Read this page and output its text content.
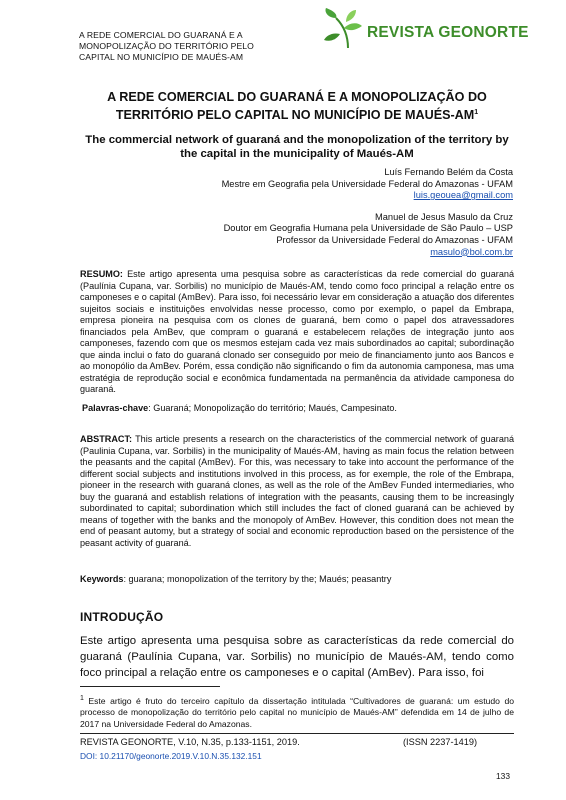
A REDE COMERCIAL DO GUARANÁ E A
MONOPOLIZAÇÃO DO TERRITÓRIO PELO
CAPITAL NO MUNICÍPIO DE MAUÉS-AM
REVISTA GEONORTE
A REDE COMERCIAL DO GUARANÁ E A MONOPOLIZAÇÃO DO TERRITÓRIO PELO CAPITAL NO MUNICÍPIO DE MAUÉS-$AM^1$
The commercial network of guaraná and the monopolization of the territory by the capital in the municipality of Maués-AM
Luís Fernando Belém da Costa
Mestre em Geografia pela Universidade Federal do Amazonas - UFAM
luis.geouea@gmail.com
Manuel de Jesus Masulo da Cruz
Doutor em Geografia Humana pela Universidade de São Paulo – USP
Professor da Universidade Federal do Amazonas - UFAM
masulo@bol.com.br
RESUMO: Este artigo apresenta uma pesquisa sobre as características da rede comercial do guaraná (Paulínia Cupana, var. Sorbilis) no município de Maués-AM, tendo como foco principal a relação entre os camponeses e o capital (AmBev). Para isso, foi necessário levar em consideração a atuação dos diferentes sujeitos sociais e instituições envolvidas nesse processo, como por exemplo, o papel da Embrapa, empresa pioneira na pesquisa com os clones de guaraná, bem como o papel dos atravessadores financiados pela AmBev, que compram o guaraná e estabelecem relações de integração junto aos camponeses, fazendo com que os mesmos estejam cada vez mais subordinados ao capital; subordinação que ainda inclui o fato do guaraná clonado ser conseguido por meio de financiamento junto aos Bancos e ao monopólio da AmBev. Porém, essa condição não significando o fim da autonomia camponesa, mas uma estratégia de reprodução social e econômica fundamentada na permanência da atividade camponesa do guaraná.
Palavras-chave: Guaraná; Monopolização do território; Maués, Campesinato.
ABSTRACT: This article presents a research on the characteristics of the commercial network of guaraná (Paulinia Cupana, var. Sorbilis) in the municipality of Maués-AM, having as main focus the relation between the peasants and the capital (AmBev). For this, was necessary to take into account the performance of the different social subjects and institutions involved in this process, as for exemple, the role of the Embrapa, pioneer in the research with guaraná clones, as well as the role of the AmBev Funded intermediaries, who buy the guaraná and establish relations of integration with the peasants, causing them to be increasingly subordinated to capital; subordination which still includes the fact of cloned guaraná can be achieved by means of together with the banks and the monopoly of AmBev. However, this condition does not mean the end of peasant automy, but a strategy of social and economic reproduction based on the persistence of the peasant activity of guaraná.
Keywords: guarana; monopolization of the territory by the; Maués; peasantry
INTRODUÇÃO
Este artigo apresenta uma pesquisa sobre as características da rede comercial do guaraná (Paulínia Cupana, var. Sorbilis) no município de Maués-AM, tendo como foco principal a relação entre os camponeses e o capital (AmBev). Para isso, foi
$^1$ Este artigo é fruto do terceiro capítulo da dissertação intitulada “Cultivadores de guaraná: um estudo do processo de monopolização do território pelo capital no município de Maués-AM” defendida em 14 de julho de 2017 na Universidade Federal do Amazonas.
REVISTA GEONORTE, V.10, N.35, p.133-1151, 2019.	(ISSN 2237-1419)
DOI: 10.21170/geonorte.2019.V.10.N.35.132.151
133
